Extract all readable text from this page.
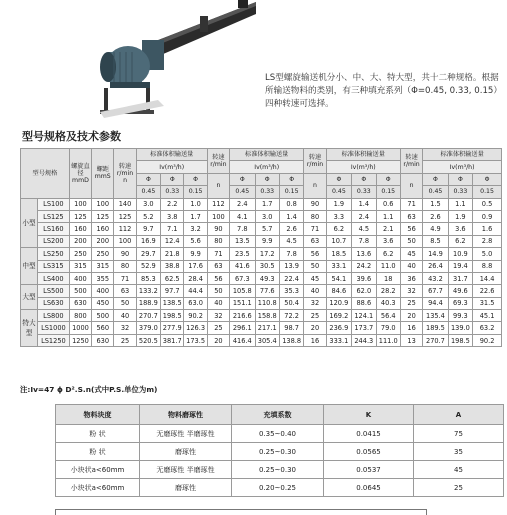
LS型螺旋输送机分小、中、大、特大型，共十二种规格。根据所输送物料的类别，有三种填充系列（Φ=0.45, 0.33, 0.15）四种转速可选择。

型号规格及技术参数
型号规格		螺旋直径mmD	螺距mmS	转速r/min n	标准体积输送量			转速r/min	标准体积输送量			转速r/min	标准体积输送量			转速r/min	标准体积输送量		
					Iv(m³/h)				Iv(m³/h)				Iv(m³/h)				Iv(m³/h)		
					Φ	Φ	Φ	n	Φ	Φ	Φ	n	Φ	Φ	Φ	n	Φ	Φ	Φ
					0.45	0.33	0.15		0.45	0.33	0.15		0.45	0.33	0.15		0.45	0.33	0.15
小型	LS100	100	100	140	3.0	2.2	1.0	112	2.4	1.7	0.8	90	1.9	1.4	0.6	71	1.5	1.1	0.5
	LS125	125	125	125	5.2	3.8	1.7	100	4.1	3.0	1.4	80	3.3	2.4	1.1	63	2.6	1.9	0.9
	LS160	160	160	112	9.7	7.1	3.2	90	7.8	5.7	2.6	71	6.2	4.5	2.1	56	4.9	3.6	1.6
	LS200	200	200	100	16.9	12.4	5.6	80	13.5	9.9	4.5	63	10.7	7.8	3.6	50	8.5	6.2	2.8
中型	LS250	250	250	90	29.7	21.8	9.9	71	23.5	17.2	7.8	56	18.5	13.6	6.2	45	14.9	10.9	5.0
	LS315	315	315	80	52.9	38.8	17.6	63	41.6	30.5	13.9	50	33.1	24.2	11.0	40	26.4	19.4	8.8
	LS400	400	355	71	85.3	62.5	28.4	56	67.3	49.3	22.4	45	54.1	39.6	18	36	43.2	31.7	14.4
大型	LS500	500	400	63	133.2	97.7	44.4	50	105.8	77.6	35.3	40	84.6	62.0	28.2	32	67.7	49.6	22.6
	LS630	630	450	50	188.9	138.5	63.0	40	151.1	110.8	50.4	32	120.9	88.6	40.3	25	94.4	69.3	31.5
特大型	LS800	800	500	40	270.7	198.5	90.2	32	216.6	158.8	72.2	25	169.2	124.1	56.4	20	135.4	99.3	45.1
	LS1000	1000	560	32	379.0	277.9	126.3	25	296.1	217.1	98.7	20	236.9	173.7	79.0	16	189.5	139.0	63.2
	LS1250	1250	630	25	520.5	381.7	173.5	20	416.4	305.4	138.8	16	333.1	244.3	111.0	13	270.7	198.5	90.2

注:Iv=47 ϕ D².S.n(式中P.S.单位为m)

物料块度	物料磨琢性	充填系数	K	A
粉 状	无磨琢性 半磨琢性	0.35~0.40	0.0415	75
粉 状	磨琢性	0.25~0.30	0.0565	35
小块状a<60mm	无磨琢性 半磨琢性	0.25~0.30	0.0537	45
小块状a<60mm	磨琢性	0.20~0.25	0.0645	25
